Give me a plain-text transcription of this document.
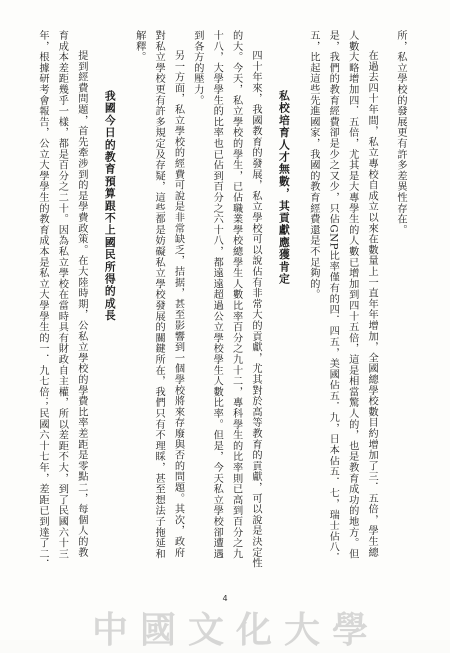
所，私立學校的發展更有許多差異性存在。
在過去四十年間，私立專校自成立以來在數量上一直年年增加，全國總學校數目約增加了三．五倍，學生總
人數大略增加四．五倍，尤其是大專學生的人數已增加到四十五倍，這是相當驚人的，也是教育成功的地方。但
是，我們的教育經費卻是少之又少，只佔GNP比率僅有的四．四五，美國佔五．九，日本佔五．七，瑞士佔八．
五，比起這些先進國家，我國的教育經費還是不足夠的。
私校培育人才無數，其貢獻應獲肯定
四十年來，我國教育的發展，私立學校可以說佔有非常大的貢獻，尤其對於高等教育的貢獻，可以說是決定性
的大。今天，私立學校的學生，已佔職業學校總學生人數比率百分之九十二，專科學生的比率則已高到百分之九
十八，大學學生的比率也已佔到百分之六十八，都遠遠超過公立學校學生人數比率。但是，今天私立學校卻遭遇
到各方的壓力。
另一方面，私立學校的經費可說是非常缺乏，拮据，甚至影響到一個學校將來存廢與否的問題。其次，政府
對私立學校更有許多規定及存疑，這些都是妨礙私立學校發展的關鍵所在，我們只有不理睬，甚至想法子拖延和
解釋。
我國今日的教育預算跟不上國民所得的成長
提到經費問題，首先牽涉到的是學費政策。在大陸時期，公私立學校的學費比率差距是零點二，每個人的教
育成本差距幾乎一樣，都是百分之二十。因為私立學校在當時具有財政自主權，所以差距不大，到了民國六十三
年，根據研考會報告，公立大學學生的教育成本是私立大學學生的一．九七倍；民國六十七年，差距已到達了二．
4
中國文化大學
